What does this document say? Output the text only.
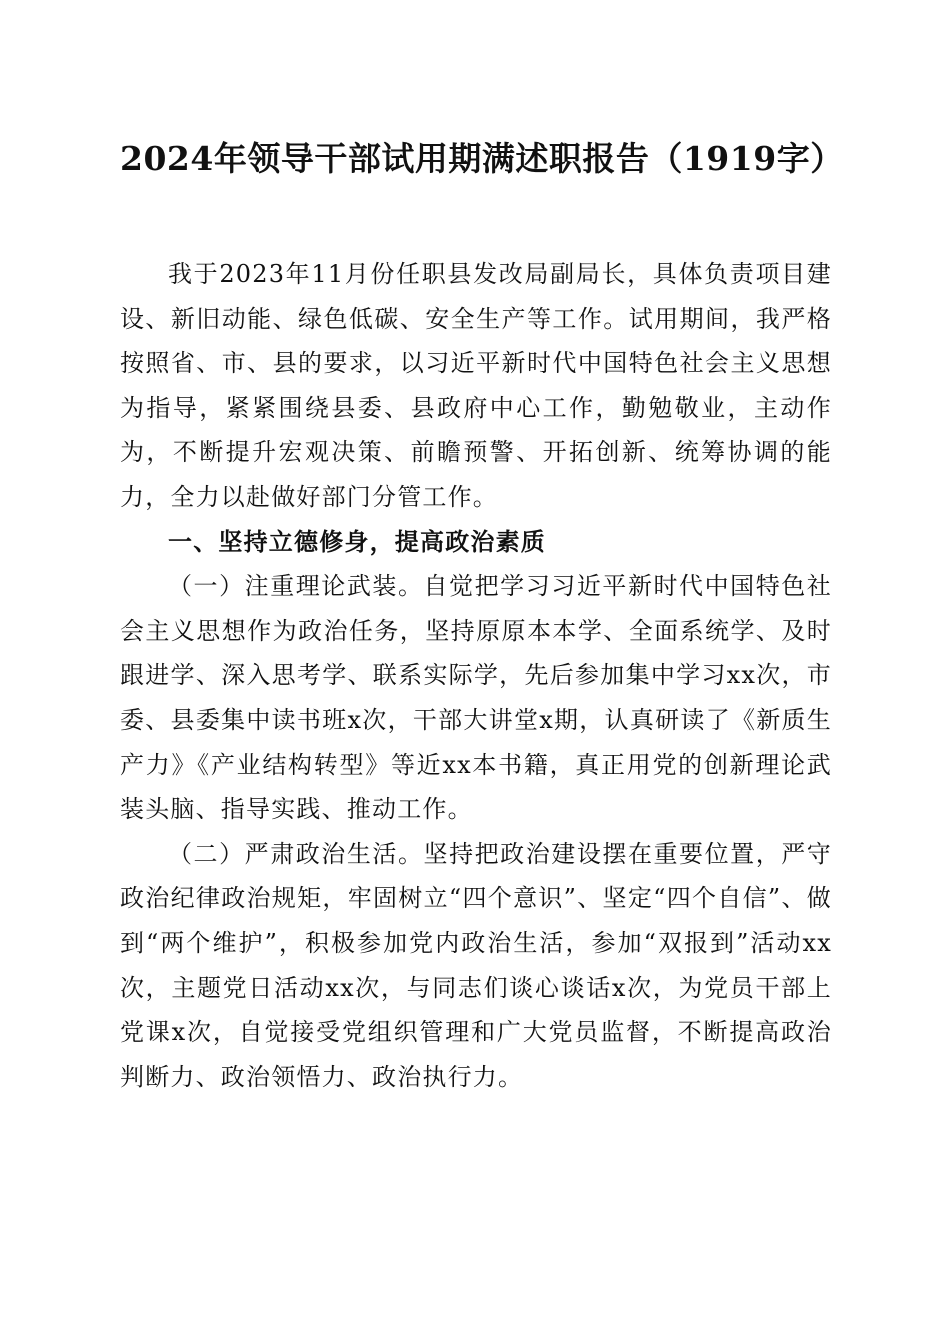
2024年领导干部试用期满述职报告（1919字）

我于2023年11月份任职县发改局副局长，具体负责项目建设、新旧动能、绿色低碳、安全生产等工作。试用期间，我严格按照省、市、县的要求，以习近平新时代中国特色社会主义思想为指导，紧紧围绕县委、县政府中心工作，勤勉敬业，主动作为，不断提升宏观决策、前瞻预警、开拓创新、统筹协调的能力，全力以赴做好部门分管工作。

一、坚持立德修身，提高政治素质

（一）注重理论武装。自觉把学习习近平新时代中国特色社会主义思想作为政治任务，坚持原原本本学、全面系统学、及时跟进学、深入思考学、联系实际学，先后参加集中学习xx次，市委、县委集中读书班x次，干部大讲堂x期，认真研读了《新质生产力》《产业结构转型》等近xx本书籍，真正用党的创新理论武装头脑、指导实践、推动工作。

（二）严肃政治生活。坚持把政治建设摆在重要位置，严守政治纪律政治规矩，牢固树立“四个意识”、坚定“四个自信”、做到“两个维护”，积极参加党内政治生活，参加“双报到”活动xx次，主题党日活动xx次，与同志们谈心谈话x次，为党员干部上党课x次，自觉接受党组织管理和广大党员监督，不断提高政治判断力、政治领悟力、政治执行力。
